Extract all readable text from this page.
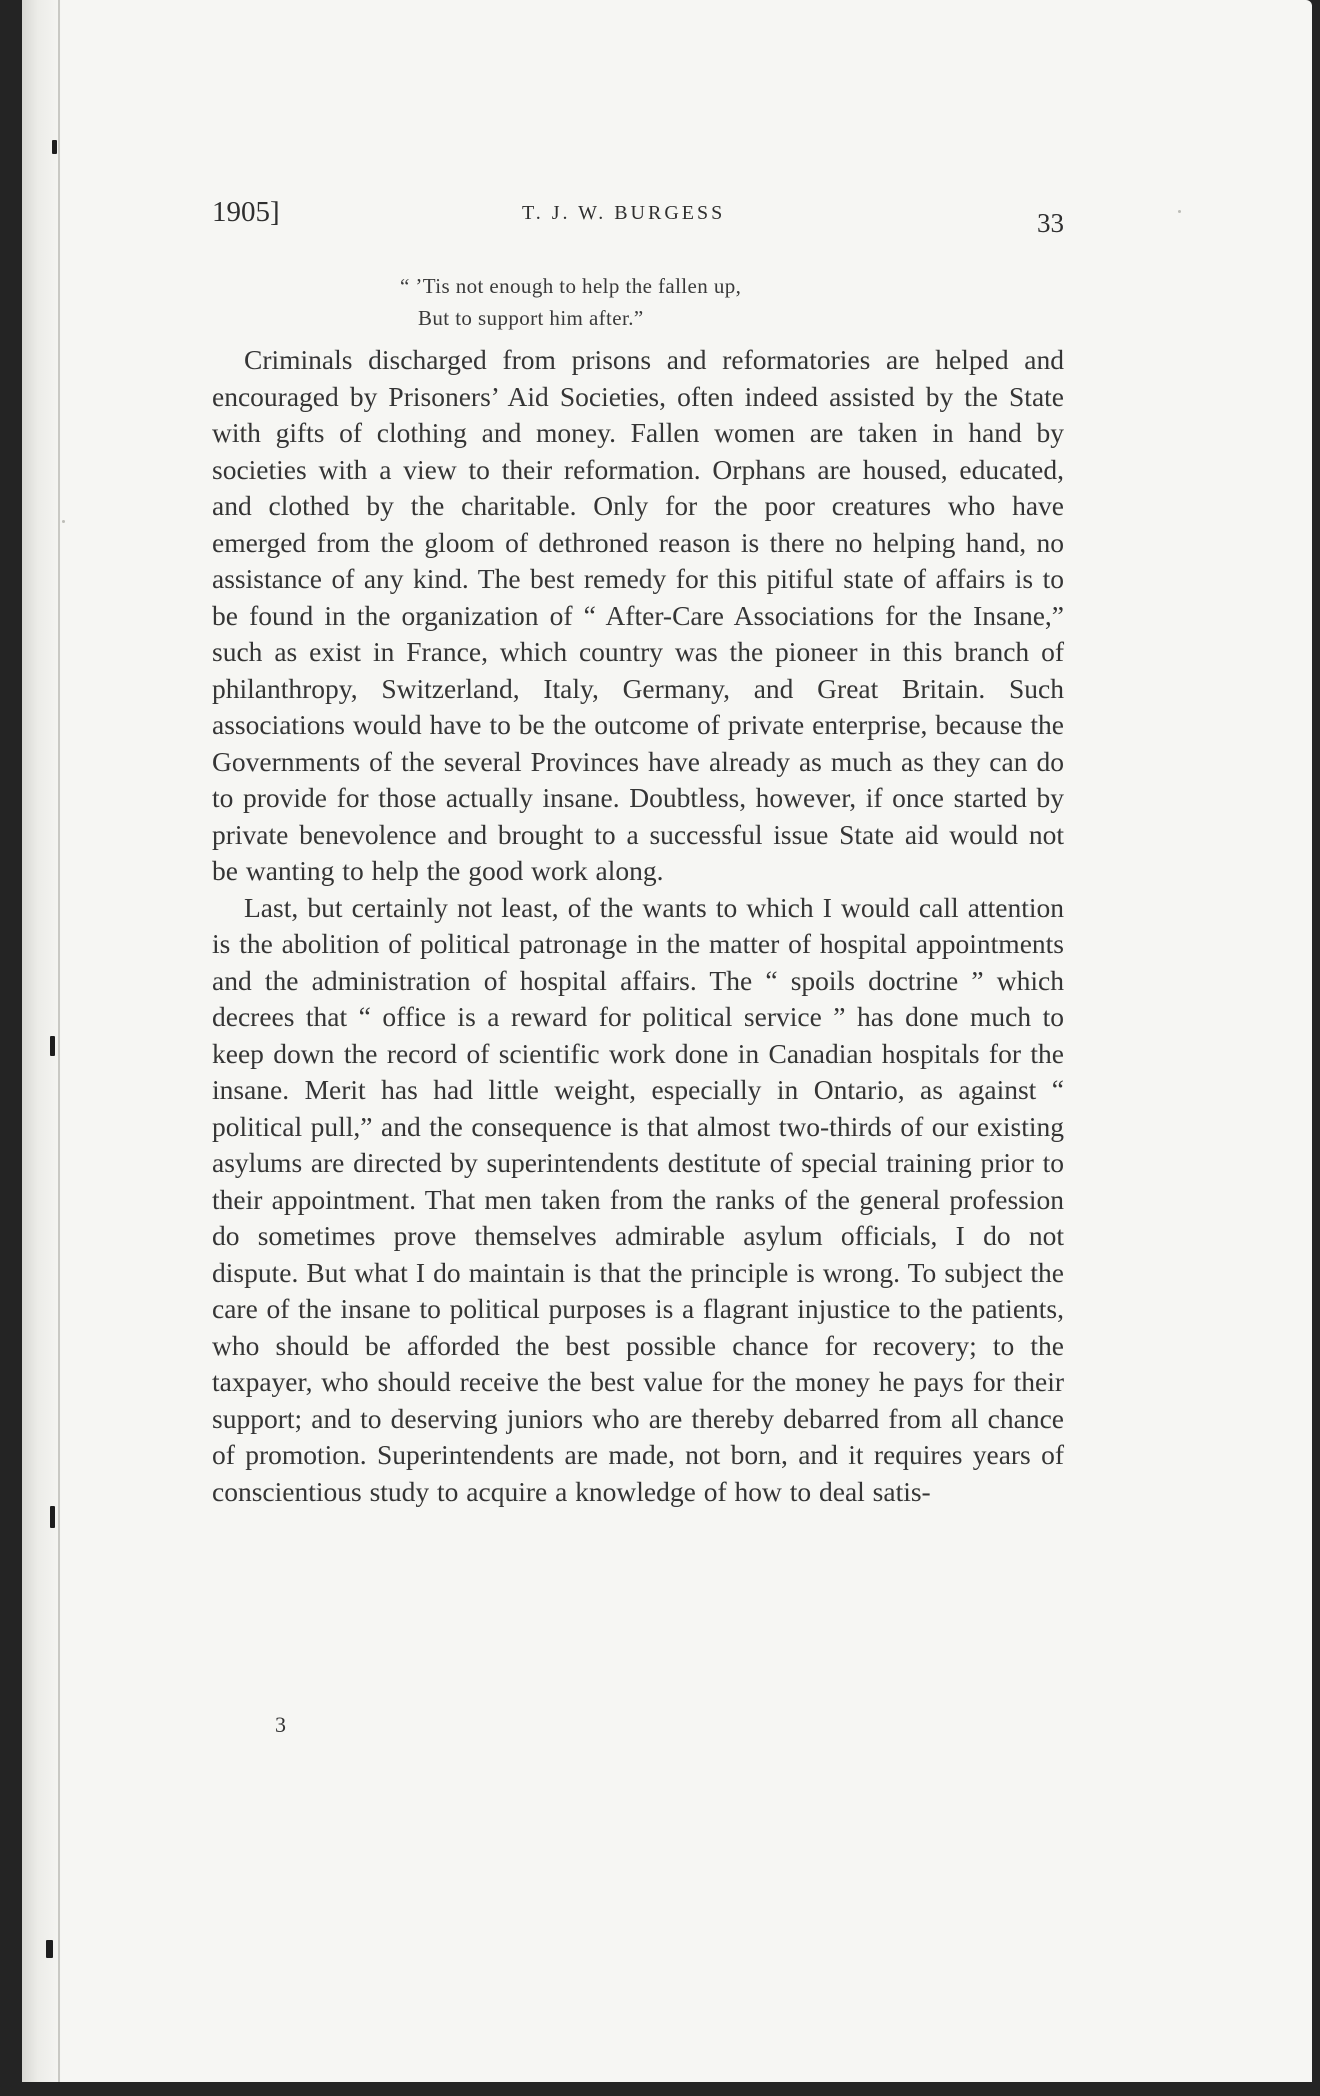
1905]	T. J. W. BURGESS	33
“ ’Tis not enough to help the fallen up,
But to support him after.”

Criminals discharged from prisons and reformatories are helped and encouraged by Prisoners’ Aid Societies, often indeed assisted by the State with gifts of clothing and money. Fallen women are taken in hand by societies with a view to their reformation. Orphans are housed, educated, and clothed by the charitable. Only for the poor creatures who have emerged from the gloom of dethroned reason is there no helping hand, no assistance of any kind. The best remedy for this pitiful state of affairs is to be found in the organization of “ After-Care Associations for the Insane,” such as exist in France, which country was the pioneer in this branch of philanthropy, Switzerland, Italy, Germany, and Great Britain. Such associations would have to be the outcome of private enterprise, because the Governments of the several Provinces have already as much as they can do to provide for those actually insane. Doubtless, however, if once started by private benevolence and brought to a successful issue State aid would not be wanting to help the good work along.

Last, but certainly not least, of the wants to which I would call attention is the abolition of political patronage in the matter of hospital appointments and the administration of hospital affairs. The “ spoils doctrine ” which decrees that “ office is a reward for political service ” has done much to keep down the record of scientific work done in Canadian hospitals for the insane. Merit has had little weight, especially in Ontario, as against “ political pull,” and the consequence is that almost two-thirds of our existing asylums are directed by superintendents destitute of special training prior to their appointment. That men taken from the ranks of the general profession do sometimes prove themselves admirable asylum officials, I do not dispute. But what I do maintain is that the principle is wrong. To subject the care of the insane to political purposes is a flagrant injustice to the patients, who should be afforded the best possible chance for recovery; to the taxpayer, who should receive the best value for the money he pays for their support; and to deserving juniors who are thereby debarred from all chance of promotion. Superintendents are made, not born, and it requires years of conscientious study to acquire a knowledge of how to deal satis-

3
